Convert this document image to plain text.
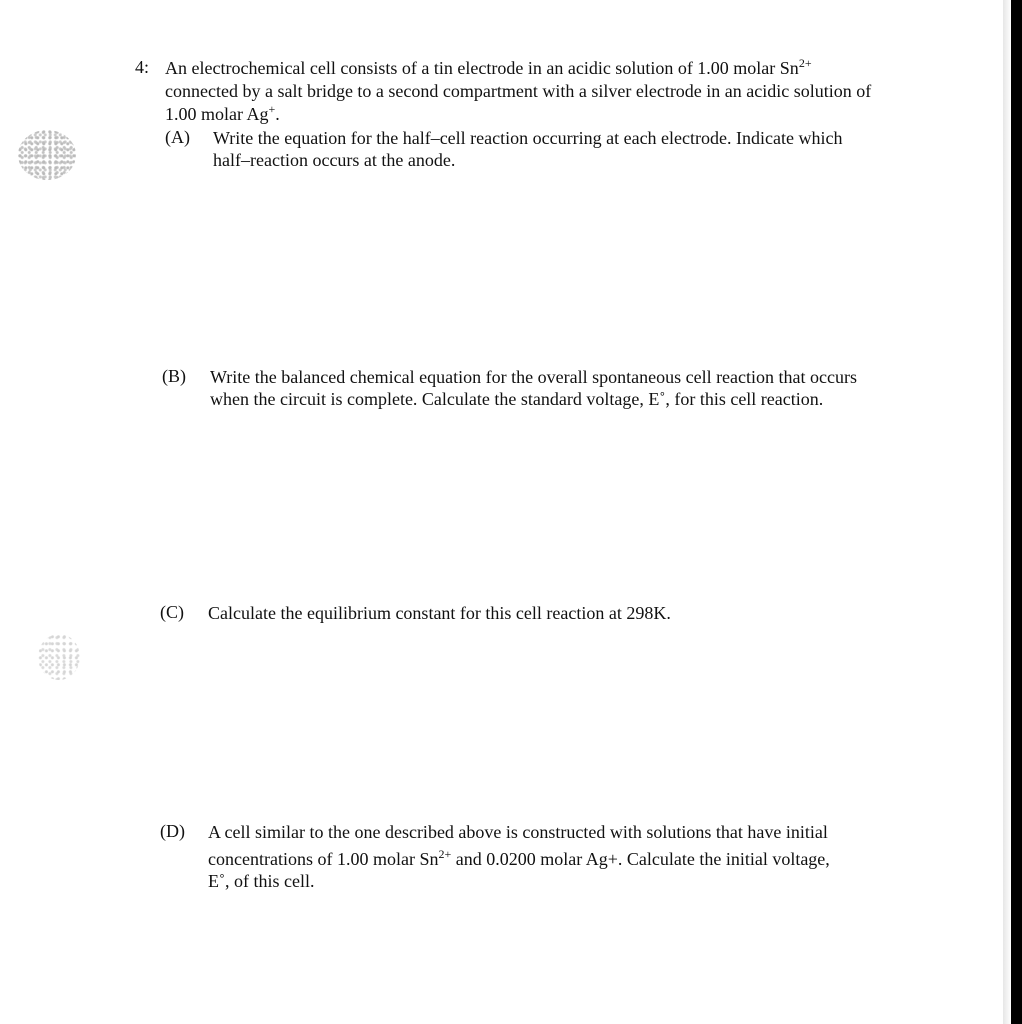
4: An electrochemical cell consists of a tin electrode in an acidic solution of 1.00 molar $Sn^{2+}$
connected by a salt bridge to a second compartment with a silver electrode in an acidic solution of
1.00 molar Ag+.
(A) Write the equation for the half–cell reaction occurring at each electrode. Indicate which
half–reaction occurs at the anode.
(B) Write the balanced chemical equation for the overall spontaneous cell reaction that occurs
when the circuit is complete. Calculate the standard voltage, E˚, for this cell reaction.
(C) Calculate the equilibrium constant for this cell reaction at 298K.
(D) A cell similar to the one described above is constructed with solutions that have initial
concentrations of 1.00 molar $Sn^{2+}$ and 0.0200 molar Ag+. Calculate the initial voltage,
E˚, of this cell.
